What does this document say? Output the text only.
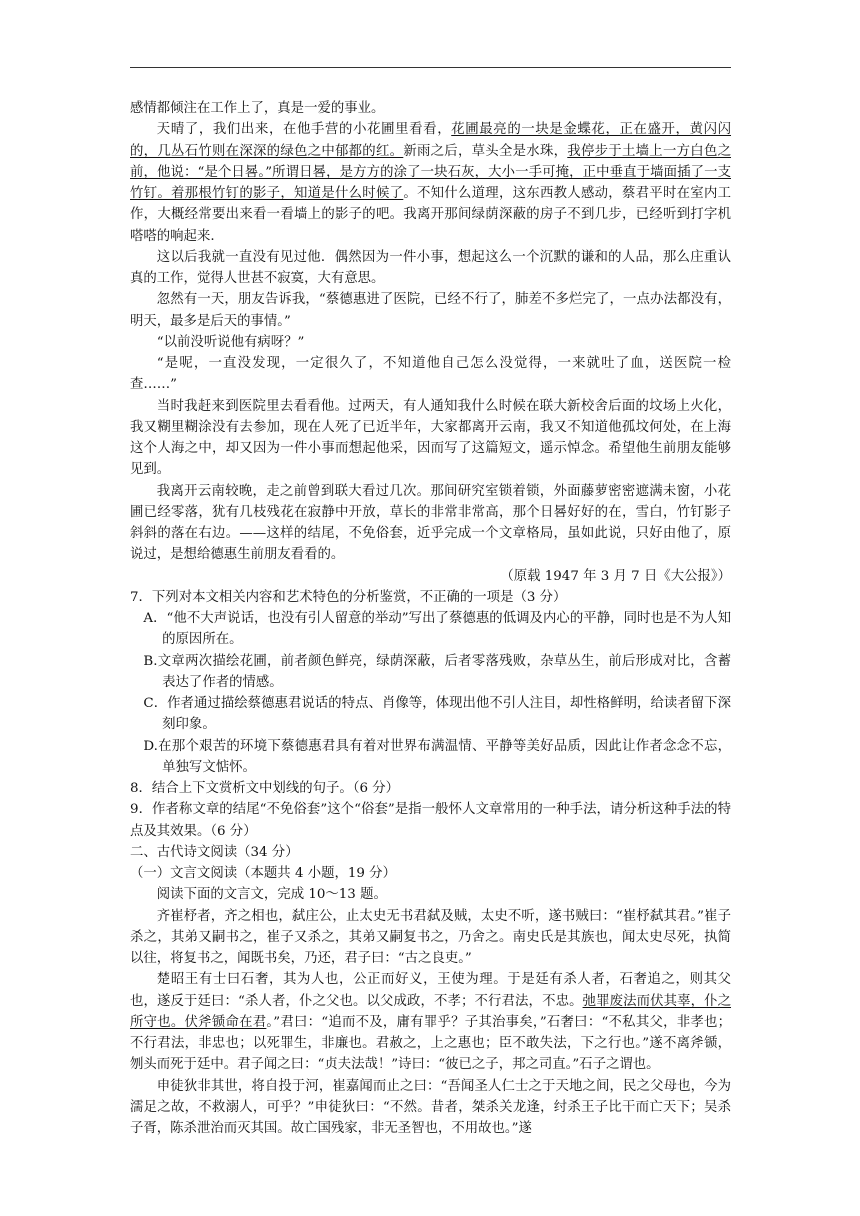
感情都倾注在工作上了，真是一爱的事业。

天晴了，我们出来，在他手营的小花圃里看看，花圃最亮的一块是金蝶花，正在盛开，黄闪闪的，几丛石竹则在深深的绿色之中郁都的红。新雨之后，草头全是水珠，我停步于土墙上一方白色之前，他说：“是个日晷。”所谓日晷，是方方的涂了一块石灰，大小一手可掩，正中垂直于墙面插了一支竹钉。着那根竹钉的影子，知道是什么时候了。不知什么道理，这东西教人感动，蔡君平时在室内工作，大概经常要出来看一看墙上的影子的吧。我离开那间绿荫深蔽的房子不到几步，已经听到打字机嗒嗒的响起来.

这以后我就一直没有见过他．偶然因为一件小事，想起这么一个沉默的谦和的人品，那么庄重认真的工作，觉得人世甚不寂寞，大有意思。

忽然有一天，朋友告诉我，“蔡德惠进了医院，已经不行了，肺差不多烂完了，一点办法都没有，明天，最多是后天的事情。”

“以前没听说他有病呀？”

“是呢，一直没发现，一定很久了，不知道他自己怎么没觉得，一来就吐了血，送医院一检查……”

当时我赶来到医院里去看看他。过两天，有人通知我什么时候在联大新校舍后面的坟场上火化，我又糊里糊涂没有去参加，现在人死了已近半年，大家都离开云南，我又不知道他孤坟何处，在上海这个人海之中，却又因为一件小事而想起他采，因而写了这篇短文，遥示悼念。希望他生前朋友能够见到。

我离开云南较晚，走之前曾到联大看过几次。那间研究室锁着锁，外面藤萝密密遮满未窗，小花圃已经零落，犹有几枝残花在寂静中开放，草长的非常非常高，那个日晷好好的在，雪白，竹钉影子斜斜的落在右边。——这样的结尾，不免俗套，近乎完成一个文章格局，虽如此说，只好由他了，原说过，是想给德惠生前朋友看看的。

（原载 1947 年 3 月 7 日《大公报》）

7．下列对本文相关内容和艺术特色的分析鉴赏，不正确的一项是（3 分）

A．“他不大声说话，也没有引人留意的举动”写出了蔡德惠的低调及内心的平静，同时也是不为人知的原因所在。

B.文章两次描绘花圃，前者颜色鲜亮，绿荫深蔽，后者零落残败，杂草丛生，前后形成对比，含蓄表达了作者的情感。

C．作者通过描绘蔡德惠君说话的特点、肖像等，体现出他不引人注目，却性格鲜明，给读者留下深刻印象。

D.在那个艰苦的环境下蔡德惠君具有着对世界布满温情、平静等美好品质，因此让作者念念不忘，单独写文惦怀。

8．结合上下文赏析文中划线的句子。（6 分）

9．作者称文章的结尾“不免俗套”这个“俗套”是指一般怀人文章常用的一种手法，请分析这种手法的特点及其效果。（6 分）

二、古代诗文阅读（34 分）

（一）文言文阅读（本题共 4 小题，19 分）

阅读下面的文言文，完成 10～13 题。

齐崔杼者，齐之相也，弑庄公，止太史无书君弑及贼，太史不听，遂书贼曰：“崔杼弑其君。”崔子杀之，其弟又嗣书之，崔子又杀之，其弟又嗣复书之，乃舍之。南史氏是其族也，闻太史尽死，执简以往，将复书之，闻既书矣，乃还，君子曰：“古之良吏。”

楚昭王有士曰石奢，其为人也，公正而好义，王使为理。于是廷有杀人者，石奢追之，则其父也，遂反于廷曰：“杀人者，仆之父也。以父成政，不孝；不行君法，不忠。弛罪废法而伏其辜，仆之所守也。伏斧锧命在君。”君曰：“追而不及，庸有罪乎？子其治事矣，”石奢曰：“不私其父，非孝也；不行君法，非忠也；以死罪生，非廉也。君赦之，上之惠也；臣不敢失法，下之行也。”遂不离斧锧，刎头而死于廷中。君子闻之曰：“贞夫法哉！”诗曰：“彼已之子，邦之司直。”石子之谓也。

申徒狄非其世，将自投于河，崔嘉闻而止之曰：“吾闻圣人仁士之于天地之间，民之父母也，今为濡足之故，不救溺人，可乎？”申徒狄曰：“不然。昔者，桀杀关龙逢，纣杀王子比干而亡天下；吴杀子胥，陈杀泄治而灭其国。故亡国残家，非无圣智也，不用故也。”遂
